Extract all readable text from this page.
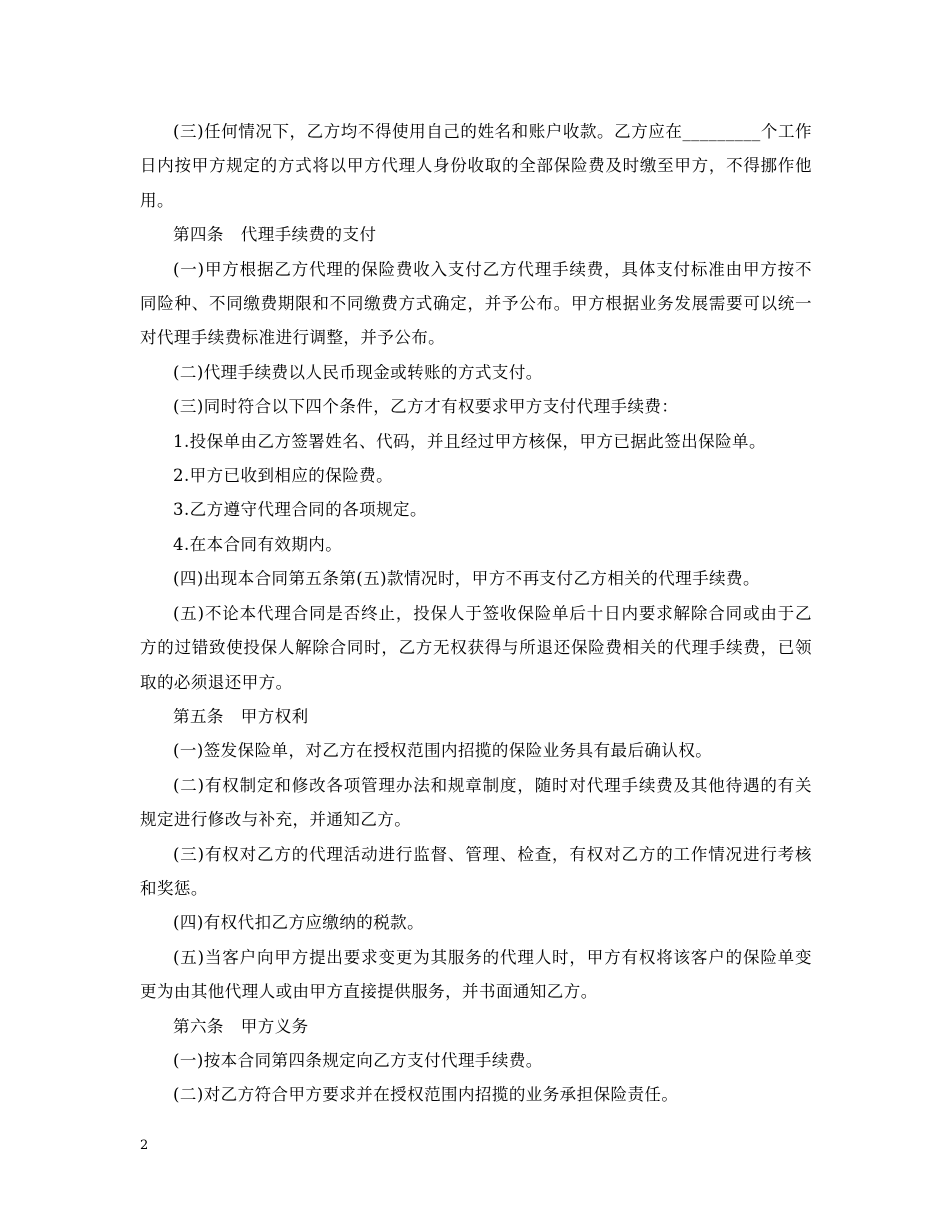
(三)任何情况下，乙方均不得使用自己的姓名和账户收款。乙方应在_________个工作日内按甲方规定的方式将以甲方代理人身份收取的全部保险费及时缴至甲方，不得挪作他用。

第四条　代理手续费的支付

(一)甲方根据乙方代理的保险费收入支付乙方代理手续费，具体支付标准由甲方按不同险种、不同缴费期限和不同缴费方式确定，并予公布。甲方根据业务发展需要可以统一对代理手续费标准进行调整，并予公布。

(二)代理手续费以人民币现金或转账的方式支付。

(三)同时符合以下四个条件，乙方才有权要求甲方支付代理手续费：

1.投保单由乙方签署姓名、代码，并且经过甲方核保，甲方已据此签出保险单。

2.甲方已收到相应的保险费。

3.乙方遵守代理合同的各项规定。

4.在本合同有效期内。

(四)出现本合同第五条第(五)款情况时，甲方不再支付乙方相关的代理手续费。

(五)不论本代理合同是否终止，投保人于签收保险单后十日内要求解除合同或由于乙方的过错致使投保人解除合同时，乙方无权获得与所退还保险费相关的代理手续费，已领取的必须退还甲方。

第五条　甲方权利

(一)签发保险单，对乙方在授权范围内招揽的保险业务具有最后确认权。

(二)有权制定和修改各项管理办法和规章制度，随时对代理手续费及其他待遇的有关规定进行修改与补充，并通知乙方。

(三)有权对乙方的代理活动进行监督、管理、检查，有权对乙方的工作情况进行考核和奖惩。

(四)有权代扣乙方应缴纳的税款。

(五)当客户向甲方提出要求变更为其服务的代理人时，甲方有权将该客户的保险单变更为由其他代理人或由甲方直接提供服务，并书面通知乙方。

第六条　甲方义务

(一)按本合同第四条规定向乙方支付代理手续费。

(二)对乙方符合甲方要求并在授权范围内招揽的业务承担保险责任。

2
